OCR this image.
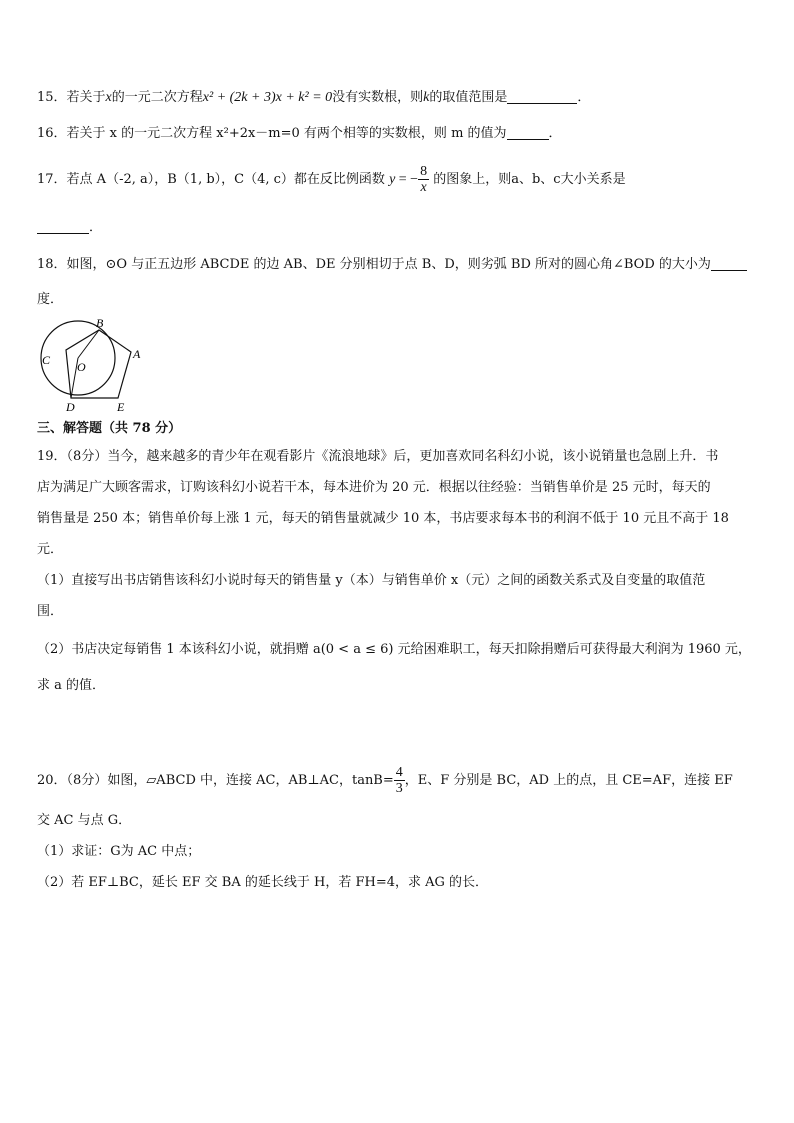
15．若关于x的一元二次方程x² + (2k + 3)x + k² = 0没有实数根，则k的取值范围是	．
16．若关于 x 的一元二次方程 x²+2x－m=0 有两个相等的实数根，则 m 的值为	．
17．若点 A（-2, a），B（1, b），C（4, c）都在反比例函数 y = − $\frac{8}{x}$ 的图象上，则a、b、c大小关系是
．
18．如图，⊙O 与正五边形 ABCDE 的边 AB、DE 分别相切于点 B、D，则劣弧 BD 所对的圆心角∠BOD 的大小为
度．
B
A
C O
D	E
三、解答题（共 78 分）
19．（8分）当今，越来越多的青少年在观看影片《流浪地球》后，更加喜欢同名科幻小说，该小说销量也急剧上升．书
店为满足广大顾客需求，订购该科幻小说若干本，每本进价为 20 元．根据以往经验：当销售单价是 25 元时，每天的
销售量是 250 本；销售单价每上涨 1 元，每天的销售量就减少 10 本，书店要求每本书的利润不低于 10 元且不高于 18
元．
（1）直接写出书店销售该科幻小说时每天的销售量 y（本）与销售单价 x（元）之间的函数关系式及自变量的取值范
围．
（2）书店决定每销售 1 本该科幻小说，就捐赠 a(0 < a ≤ 6) 元给困难职工，每天扣除捐赠后可获得最大利润为 1960 元，
求 a 的值．
20．（8分）如图，▱ABCD 中，连接 AC，AB⊥AC，$\tan B= \frac{4}{3}$ ，E、F 分别是 BC，AD 上的点，且 CE=AF，连接 EF
交 AC 与点 G．
（1）求证：G为 AC 中点；
（2）若 EF⊥BC，延长 EF 交 BA 的延长线于 H，若 FH=4，求 AG 的长．
